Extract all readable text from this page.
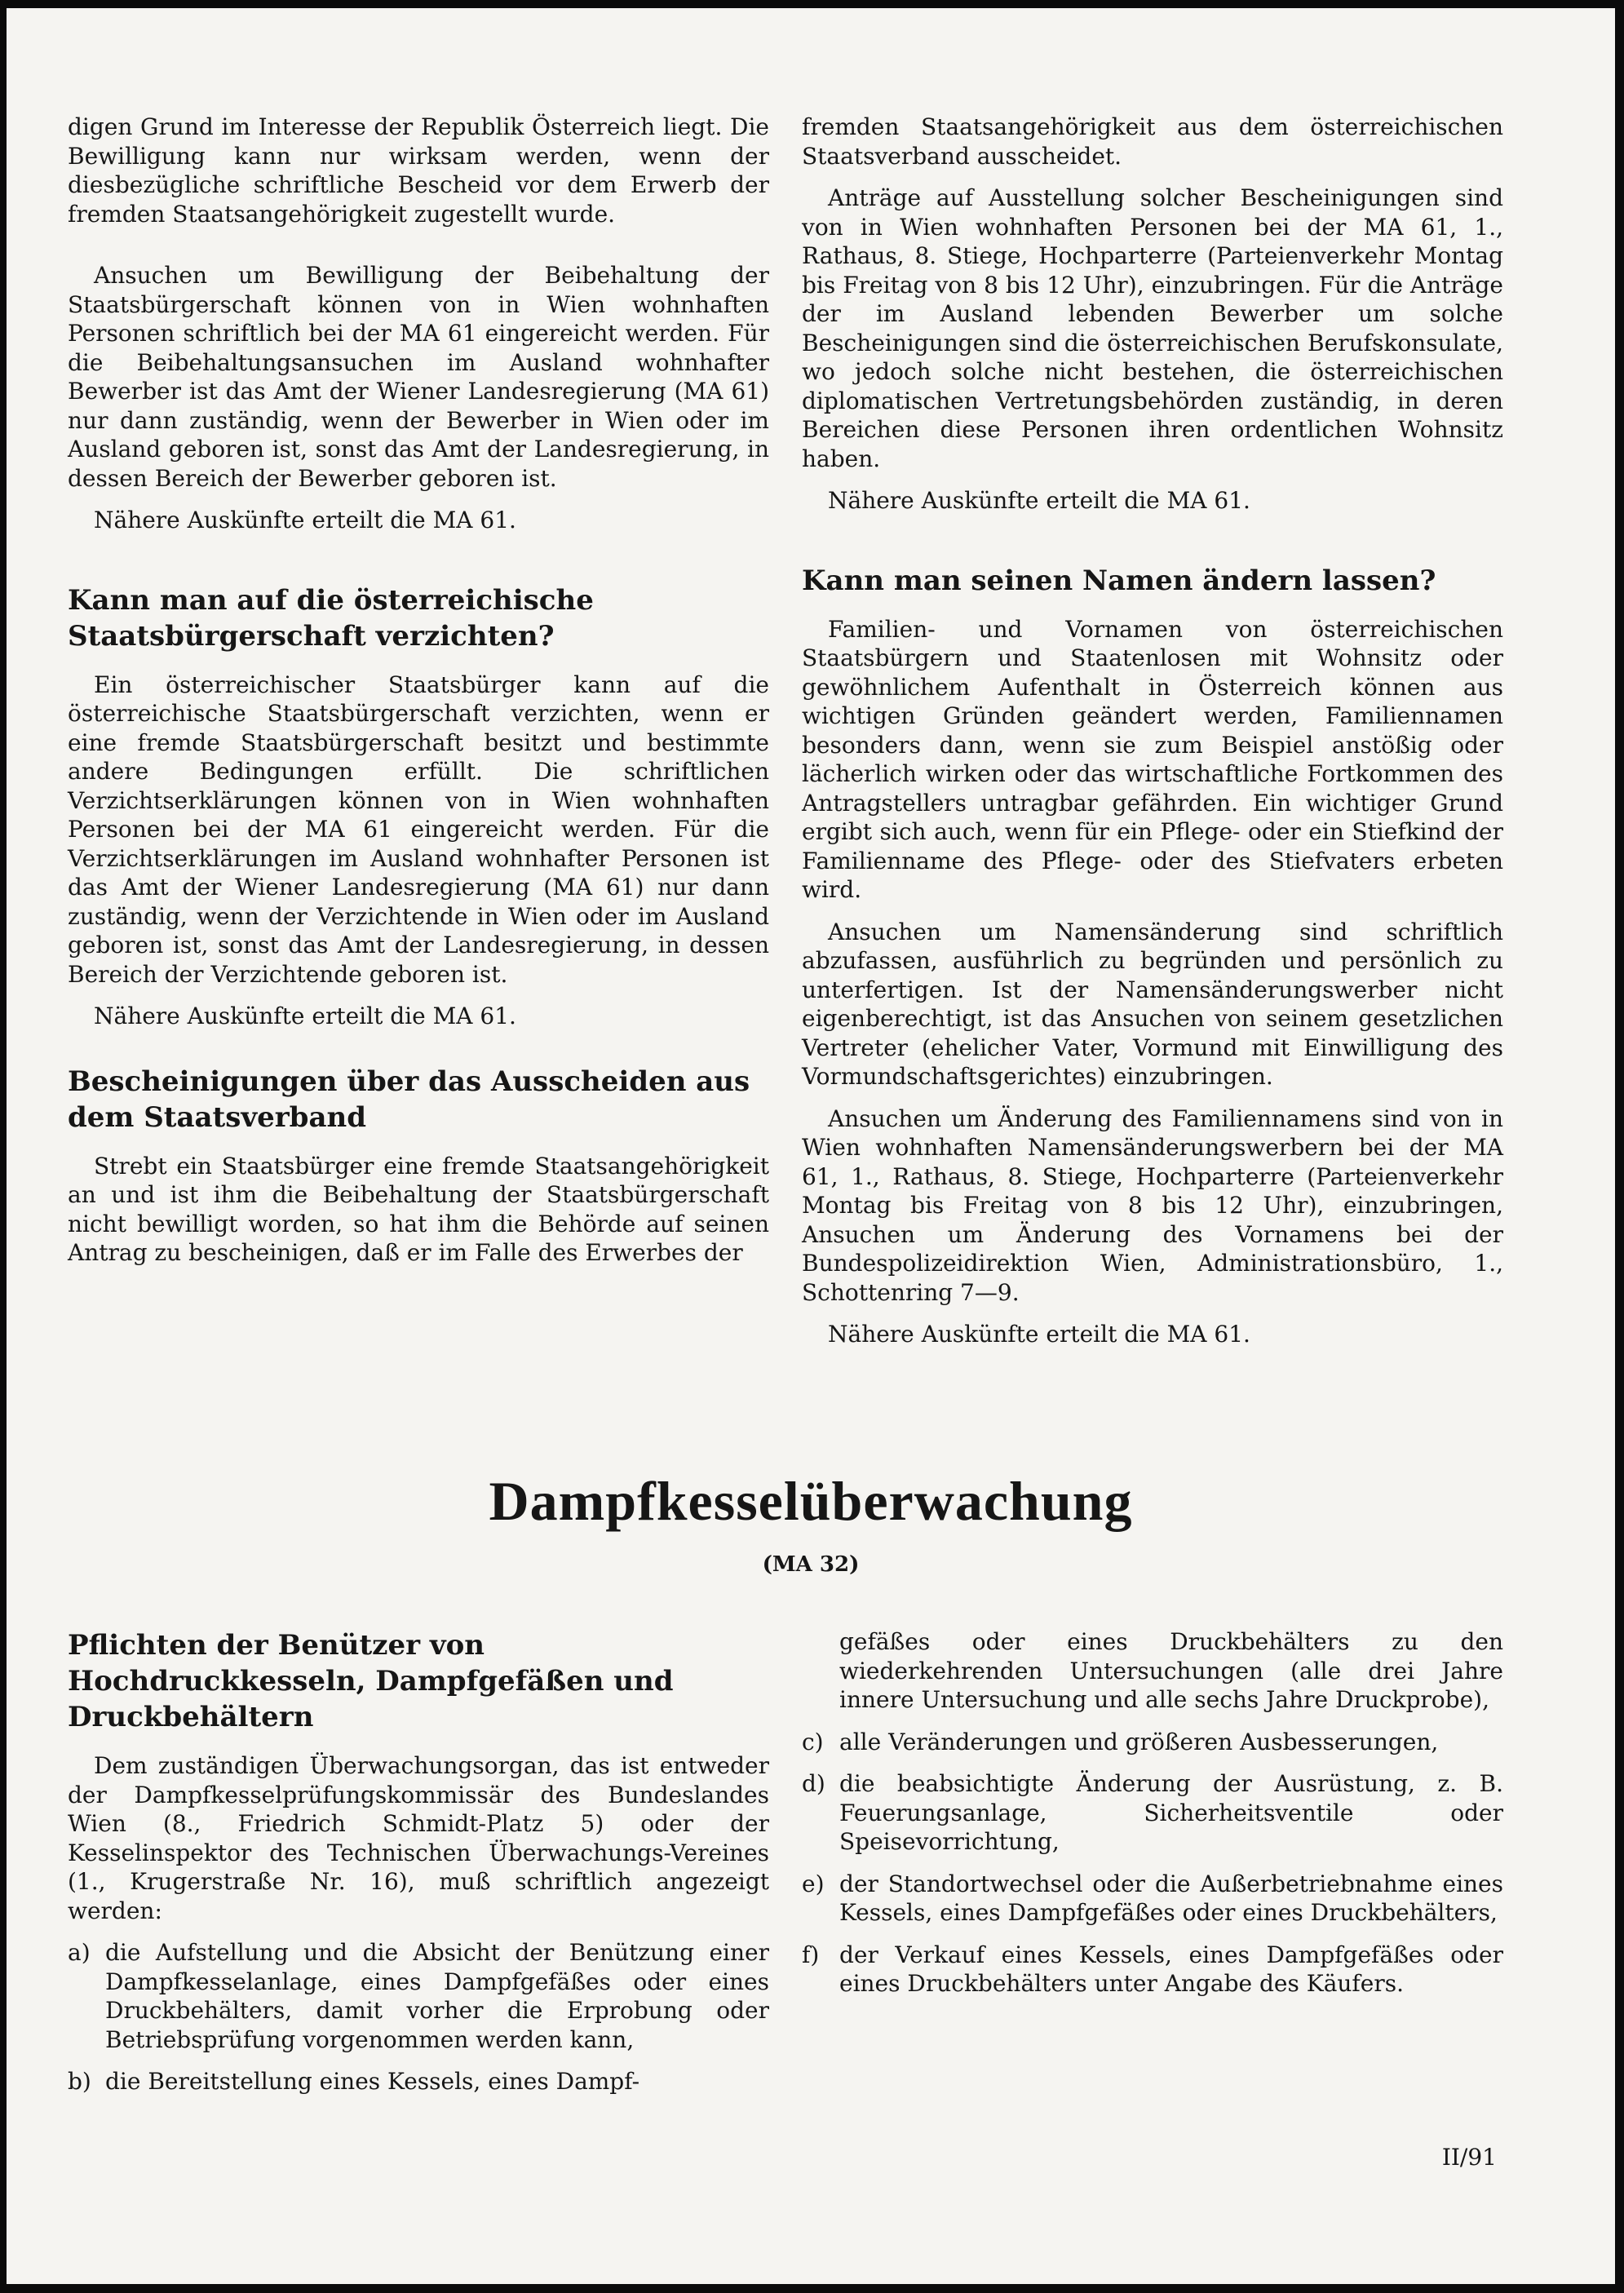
digen Grund im Interesse der Republik Österreich liegt. Die Bewilligung kann nur wirksam werden, wenn der diesbezügliche schriftliche Bescheid vor dem Erwerb der fremden Staatsangehörigkeit zugestellt wurde.

Ansuchen um Bewilligung der Beibehaltung der Staatsbürgerschaft können von in Wien wohnhaften Personen schriftlich bei der MA 61 eingereicht werden. Für die Beibehaltungsansuchen im Ausland wohnhafter Bewerber ist das Amt der Wiener Landesregierung (MA 61) nur dann zuständig, wenn der Bewerber in Wien oder im Ausland geboren ist, sonst das Amt der Landesregierung, in dessen Bereich der Bewerber geboren ist.

Nähere Auskünfte erteilt die MA 61.

Kann man auf die österreichische Staatsbürgerschaft verzichten?

Ein österreichischer Staatsbürger kann auf die österreichische Staatsbürgerschaft verzichten, wenn er eine fremde Staatsbürgerschaft besitzt und bestimmte andere Bedingungen erfüllt. Die schriftlichen Verzichtserklärungen können von in Wien wohnhaften Personen bei der MA 61 eingereicht werden. Für die Verzichtserklärungen im Ausland wohnhafter Personen ist das Amt der Wiener Landesregierung (MA 61) nur dann zuständig, wenn der Verzichtende in Wien oder im Ausland geboren ist, sonst das Amt der Landesregierung, in dessen Bereich der Verzichtende geboren ist.

Nähere Auskünfte erteilt die MA 61.

Bescheinigungen über das Ausscheiden aus dem Staatsverband

Strebt ein Staatsbürger eine fremde Staatsangehörigkeit an und ist ihm die Beibehaltung der Staatsbürgerschaft nicht bewilligt worden, so hat ihm die Behörde auf seinen Antrag zu bescheinigen, daß er im Falle des Erwerbes der

fremden Staatsangehörigkeit aus dem österreichischen Staatsverband ausscheidet.

Anträge auf Ausstellung solcher Bescheinigungen sind von in Wien wohnhaften Personen bei der MA 61, 1., Rathaus, 8. Stiege, Hochparterre (Parteienverkehr Montag bis Freitag von 8 bis 12 Uhr), einzubringen. Für die Anträge der im Ausland lebenden Bewerber um solche Bescheinigungen sind die österreichischen Berufskonsulate, wo jedoch solche nicht bestehen, die österreichischen diplomatischen Vertretungsbehörden zuständig, in deren Bereichen diese Personen ihren ordentlichen Wohnsitz haben.

Nähere Auskünfte erteilt die MA 61.

Kann man seinen Namen ändern lassen?

Familien- und Vornamen von österreichischen Staatsbürgern und Staatenlosen mit Wohnsitz oder gewöhnlichem Aufenthalt in Österreich können aus wichtigen Gründen geändert werden, Familiennamen besonders dann, wenn sie zum Beispiel anstößig oder lächerlich wirken oder das wirtschaftliche Fortkommen des Antragstellers untragbar gefährden. Ein wichtiger Grund ergibt sich auch, wenn für ein Pflege- oder ein Stiefkind der Familienname des Pflege- oder des Stiefvaters erbeten wird.

Ansuchen um Namensänderung sind schriftlich abzufassen, ausführlich zu begründen und persönlich zu unterfertigen. Ist der Namensänderungswerber nicht eigenberechtigt, ist das Ansuchen von seinem gesetzlichen Vertreter (ehelicher Vater, Vormund mit Einwilligung des Vormundschaftsgerichtes) einzubringen.

Ansuchen um Änderung des Familiennamens sind von in Wien wohnhaften Namensänderungswerbern bei der MA 61, 1., Rathaus, 8. Stiege, Hochparterre (Parteienverkehr Montag bis Freitag von 8 bis 12 Uhr), einzubringen, Ansuchen um Änderung des Vornamens bei der Bundespolizeidirektion Wien, Administrationsbüro, 1., Schottenring 7—9.

Nähere Auskünfte erteilt die MA 61.

Dampfkesselüberwachung
(MA 32)
Pflichten der Benützer von Hochdruckkesseln, Dampfgefäßen und Druckbehältern

Dem zuständigen Überwachungsorgan, das ist entweder der Dampfkesselprüfungskommissär des Bundeslandes Wien (8., Friedrich Schmidt-Platz 5) oder der Kesselinspektor des Technischen Überwachungs-Vereines (1., Krugerstraße Nr. 16), muß schriftlich angezeigt werden:

a) die Aufstellung und die Absicht der Benützung einer Dampfkesselanlage, eines Dampfgefäßes oder eines Druckbehälters, damit vorher die Erprobung oder Betriebsprüfung vorgenommen werden kann,
b) die Bereitstellung eines Kessels, eines Dampf-
gefäßes oder eines Druckbehälters zu den wiederkehrenden Untersuchungen (alle drei Jahre innere Untersuchung und alle sechs Jahre Druckprobe),
c) alle Veränderungen und größeren Ausbesserungen,
d) die beabsichtigte Änderung der Ausrüstung, z. B. Feuerungsanlage, Sicherheitsventile oder Speisevorrichtung,
e) der Standortwechsel oder die Außerbetriebnahme eines Kessels, eines Dampfgefäßes oder eines Druckbehälters,
f) der Verkauf eines Kessels, eines Dampfgefäßes oder eines Druckbehälters unter Angabe des Käufers.
II/91
